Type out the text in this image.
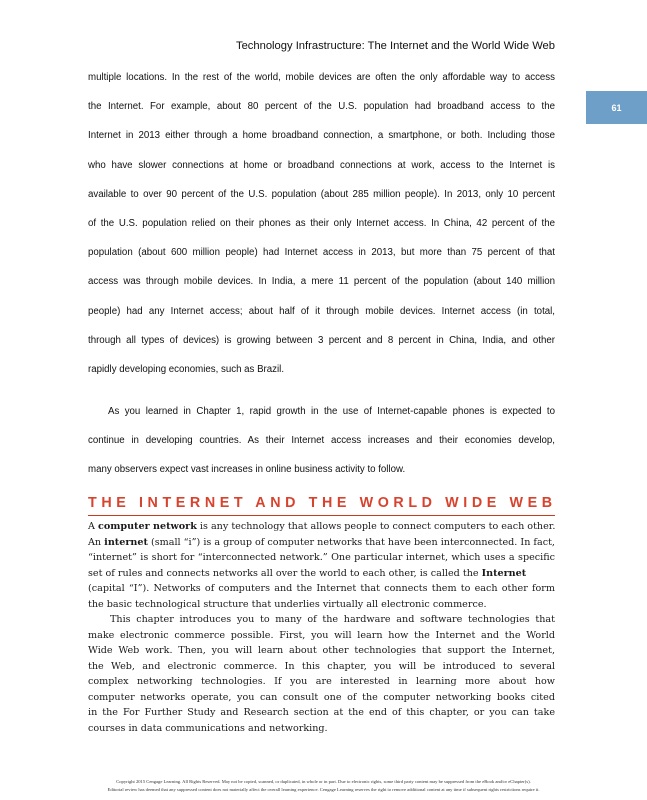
Technology Infrastructure: The Internet and the World Wide Web
61
multiple locations. In the rest of the world, mobile devices are often the only affordable way to access
the Internet. For example, about 80 percent of the U.S. population had broadband access to the
Internet in 2013 either through a home broadband connection, a smartphone, or both. Including those
who have slower connections at home or broadband connections at work, access to the Internet is
available to over 90 percent of the U.S. population (about 285 million people). In 2013, only 10 percent
of the U.S. population relied on their phones as their only Internet access. In China, 42 percent of the
population (about 600 million people) had Internet access in 2013, but more than 75 percent of that
access was through mobile devices. In India, a mere 11 percent of the population (about 140 million
people) had any Internet access; about half of it through mobile devices. Internet access (in total,
through all types of devices) is growing between 3 percent and 8 percent in China, India, and other
rapidly developing economies, such as Brazil.
As you learned in Chapter 1, rapid growth in the use of Internet-capable phones is expected to
continue in developing countries. As their Internet access increases and their economies develop,
many observers expect vast increases in online business activity to follow.
THE INTERNET AND THE WORLD WIDE WEB
A computer network is any technology that allows people to connect computers to each other.
An internet (small “i”) is a group of computer networks that have been interconnected. In fact,
“internet” is short for “interconnected network.” One particular internet, which uses a specific
set of rules and connects networks all over the world to each other, is called the Internet
(capital “I”). Networks of computers and the Internet that connects them to each other form
the basic technological structure that underlies virtually all electronic commerce.
This chapter introduces you to many of the hardware and software technologies that
make electronic commerce possible. First, you will learn how the Internet and the World
Wide Web work. Then, you will learn about other technologies that support the Internet,
the Web, and electronic commerce. In this chapter, you will be introduced to several
complex networking technologies. If you are interested in learning more about how
computer networks operate, you can consult one of the computer networking books cited
in the For Further Study and Research section at the end of this chapter, or you can take
courses in data communications and networking.
Copyright 2015 Cengage Learning. All Rights Reserved. May not be copied, scanned, or duplicated, in whole or in part. Due to electronic rights, some third party content may be suppressed from the eBook and/or eChapter(s).
Editorial review has deemed that any suppressed content does not materially affect the overall learning experience. Cengage Learning reserves the right to remove additional content at any time if subsequent rights restrictions require it.
